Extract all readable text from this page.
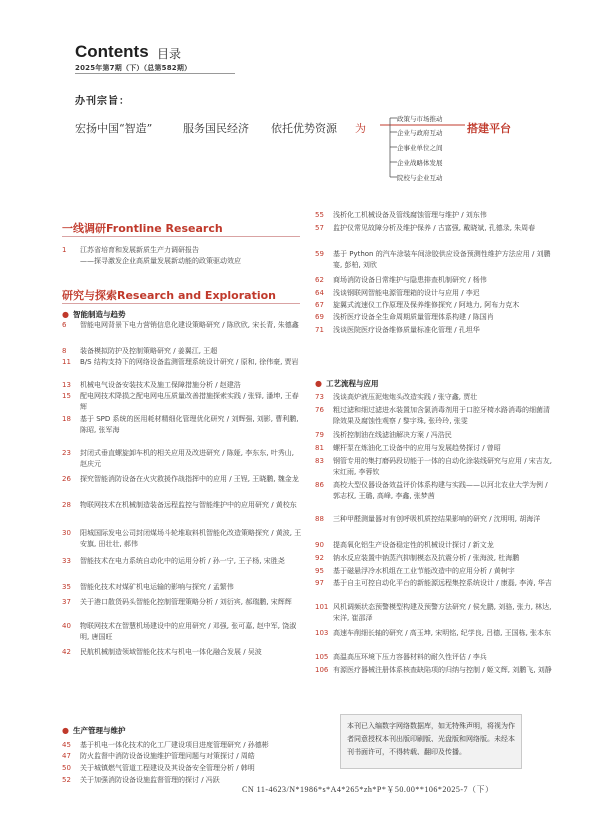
Contents 目录
2025年第7期（下）（总第582期）
办刊宗旨：
宏扬中国“智造”	服务国民经济 依托优势资源 为	搭建平台
政策与市场推动
企业与政府互动
企事业单位之间
企业战略体发展
院校与企业互动
一线调研Frontline Research
1	江苏省培育和发展新质生产力调研报告
——探寻激发企业高质量发展新动能的政策驱动效应
研究与探索Research and Exploration
● 智能制造与趋势
6	智能电网背景下电力营销信息化建设策略研究 / 陈欣欣, 宋长青, 朱德鑫
8	装备模拟防护及控制策略研究 / 姜翼江, 王超
11	B/S 结构支持下的网络设备监测管理系统设计研究 / 原和, 徐伟豪, 贾岩
13	机械电气设备安装技术及施工保障措施分析 / 赵建浩
15	配电网技术降损之配电网电压质量改善措施探索实践 / 张铎, 潘坤, 王春辉
18	基于 SPD 系统的医用耗材精细化管理优化研究 / 刘辉强, 刘影, 曹利鹏, 陈昭, 张军海
23	封闭式垂直螺旋卸车机的相关应用及改进研究 / 陈娅, 李东东, 叶秀山, 赵庆元
26	探究智能消防设备在火灾救援作战指挥中的应用 / 王锃, 王晓鹏, 魏金龙
28	物联网技术在机械制造装备远程监控与智能维护中的应用研究 / 黄校东
30	阳城国际发电公司封闭煤场斗轮堆取料机智能化改造策略探究 / 黄波, 王安旗, 田壮壮, 郝伟
33	智能技术在电力系统自动化中的运用分析 / 孙一宁, 王子杨, 宋胜尧
35	智能化技术对煤矿机电运输的影响与探究 / 孟繁伟
37	关于港口散货码头智能化控制管理策略分析 / 刘衍宾, 郝瑞鹏, 宋辉辉
40	物联网技术在智慧机场建设中的应用研究 / 邓强, 张可嘉, 赵中军, 饶淑明, 唐国旺
42	民航机械制造领域智能化技术与机电一体化融合发展 / 吴波
● 生产管理与维护
45	基于机电一体化技术的化工厂建设项目进度管理研究 / 孙德彬
47	防火监督中消防设备设施维护管理问题与对策探讨 / 周皓
50	关于城镇燃气管道工程建设及其设备安全管理分析 / 韩明
52	关于加强消防设备设施监督管理的探讨 / 冯跃
55	浅析化工机械设备及管线腐蚀管理与维护 / 刘东伟
57	监护仪常见故障分析及维护保养 / 古富强, 戴晓斌, 孔德录, 朱周春
59	基于 Python 的汽车涂装车间涂胶供应设备预测性维护方法应用 / 刘鹏宴, 彭柏, 刘欣
62	商场消防设备日常维护与隐患排查机制研究 / 杨伟
64	浅谈钢联网智能电源管理箱的设计与应用 / 李迟
67	旋翼式流速仪工作原理及保养维修探究 / 阿地力, 阿布力克木
69	浅析医疗设备全生命周期质量管理体系构建 / 陈国肖
71	浅谈医院医疗设备维修质量标准化管理 / 孔坦华
● 工艺流程与应用
73	浅谈高炉液压泥炮炮头改造实践 / 张守鑫, 贾壮
76	粗过滤和细过滤进水装置加含氯消毒剂用于口腔牙椅水路消毒的细菌清除效果及腐蚀性观察 / 黎宇珠, 张玲玲, 张雯
79	浅析控制油在线滤油解决方案 / 冯浩民
81	螺杆泵在炼油化工设备中的应用与发展趋势探讨 / 曾昭
83	钢管专用的集打磨码段切能于一体的自动化涂装线研究与应用 / 宋吉友, 宋红雨, 李蓉钦
86	高校大型仪器设备效益评价体系构建与实践——以河北农业大学为例 / 郭志权, 王璐, 高峰, 李鑫, 张梦茜
88	三种甲醛测量器对有创呼吸机质控结果影响的研究 / 沈明明, 胡海洋
90	提高氧化铝生产设备稳定性的机械设计探讨 / 新文龙
92	钠水反应装置中钠蒸汽抑制模态及抗震分析 / 张海波, 杜海鹏
95	基于磁悬浮冷水机组在工业节能改造中的应用分析 / 黄树宇
97	基于自主可控自动化平台的新能源远程集控系统设计 / 康磊, 李涛, 华吉
101 风机调频状态预警模型构建及预警方法研究 / 侯允鹏, 刘骆, 张力, 林达, 宋洋, 崔邵泽
103 高速车削细长轴的研究 / 高玉坤, 宋明铭, 纪学良, 吕德, 王国栋, 张本东
105 高温高压环境下压力容器材料的耐久性评估 / 李兵
106 有源医疗器械注册体系核查缺陷项的归纳与控制 / 姬文辉, 刘鹏飞, 刘静
本刊已入编数字网络数据库，如无特殊声明，将视为作者同意授权本刊出版印刷版、光盘版和网络版。未经本刊书面许可，不得转载、翻印及传播。
CN 11-4623/N*1986*s*A4*265*zh*P*￥50.00**106*2025-7（下）
